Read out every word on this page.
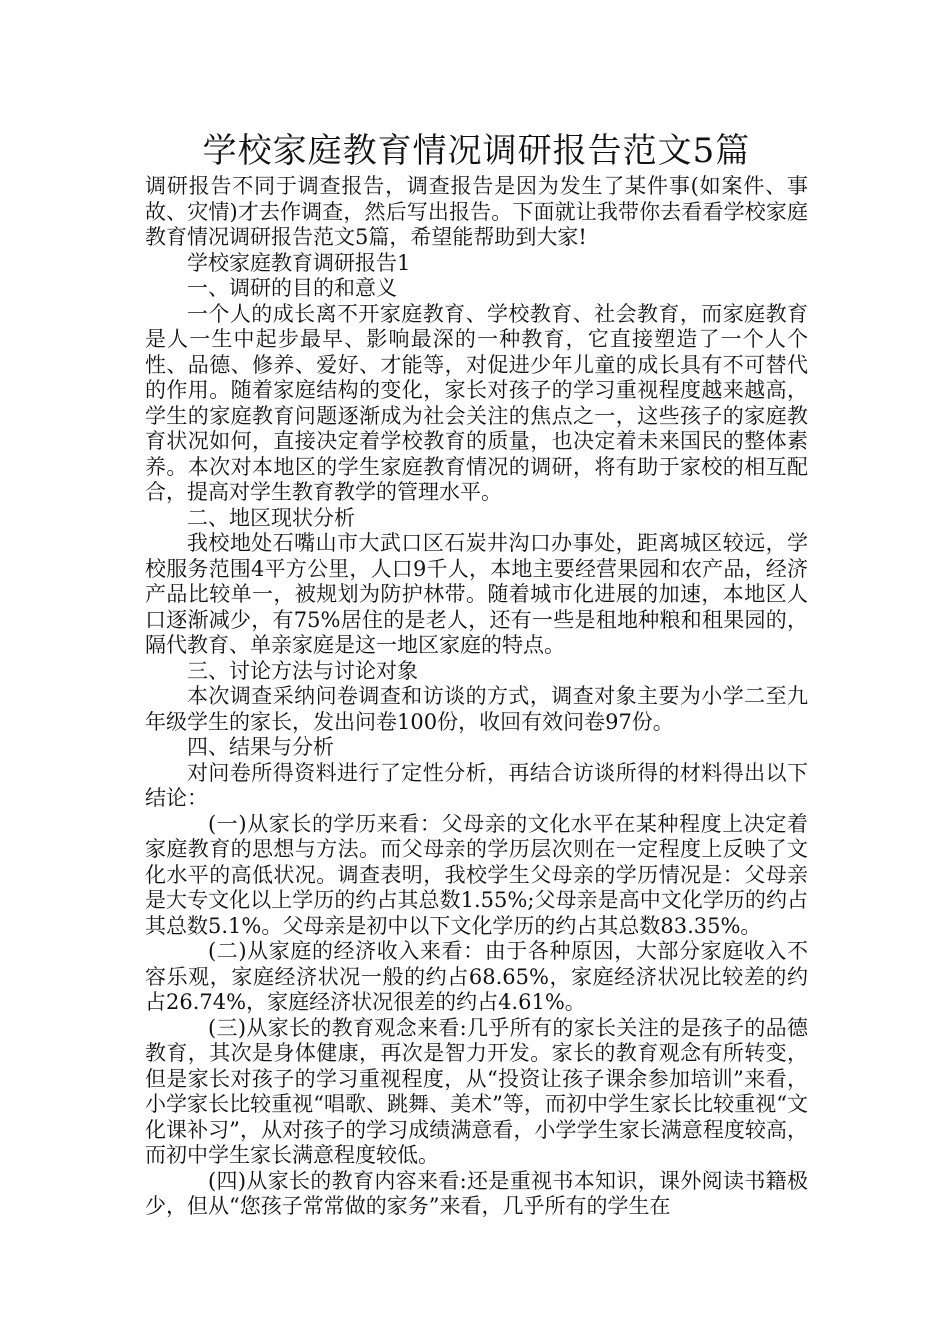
学校家庭教育情况调研报告范文5篇

调研报告不同于调查报告，调查报告是因为发生了某件事(如案件、事故、灾情)才去作调查，然后写出报告。下面就让我带你去看看学校家庭教育情况调研报告范文5篇，希望能帮助到大家!

学校家庭教育调研报告1

一、调研的目的和意义

一个人的成长离不开家庭教育、学校教育、社会教育，而家庭教育是人一生中起步最早、影响最深的一种教育，它直接塑造了一个人个性、品德、修养、爱好、才能等，对促进少年儿童的成长具有不可替代的作用。随着家庭结构的变化，家长对孩子的学习重视程度越来越高，学生的家庭教育问题逐渐成为社会关注的焦点之一，这些孩子的家庭教育状况如何，直接决定着学校教育的质量，也决定着未来国民的整体素养。本次对本地区的学生家庭教育情况的调研，将有助于家校的相互配合，提高对学生教育教学的管理水平。

二、地区现状分析

我校地处石嘴山市大武口区石炭井沟口办事处，距离城区较远，学校服务范围4平方公里，人口9千人，本地主要经营果园和农产品，经济产品比较单一，被规划为防护林带。随着城市化进展的加速，本地区人口逐渐减少，有75%居住的是老人，还有一些是租地种粮和租果园的，隔代教育、单亲家庭是这一地区家庭的特点。

三、讨论方法与讨论对象

本次调查采纳问卷调查和访谈的方式，调查对象主要为小学二至九年级学生的家长，发出问卷100份，收回有效问卷97份。

四、结果与分析

对问卷所得资料进行了定性分析，再结合访谈所得的材料得出以下结论：

(一)从家长的学历来看：父母亲的文化水平在某种程度上决定着家庭教育的思想与方法。而父母亲的学历层次则在一定程度上反映了文化水平的高低状况。调查表明，我校学生父母亲的学历情况是：父母亲是大专文化以上学历的约占其总数1.55%;父母亲是高中文化学历的约占其总数5.1%。父母亲是初中以下文化学历的约占其总数83.35%。

(二)从家庭的经济收入来看：由于各种原因，大部分家庭收入不容乐观，家庭经济状况一般的约占68.65%，家庭经济状况比较差的约占26.74%，家庭经济状况很差的约占4.61%。

(三)从家长的教育观念来看:几乎所有的家长关注的是孩子的品德教育，其次是身体健康，再次是智力开发。家长的教育观念有所转变，但是家长对孩子的学习重视程度，从“投资让孩子课余参加培训”来看，小学家长比较重视“唱歌、跳舞、美术”等，而初中学生家长比较重视“文化课补习”，从对孩子的学习成绩满意看，小学学生家长满意程度较高，而初中学生家长满意程度较低。

(四)从家长的教育内容来看:还是重视书本知识，课外阅读书籍极少，但从“您孩子常常做的家务”来看，几乎所有的学生在
